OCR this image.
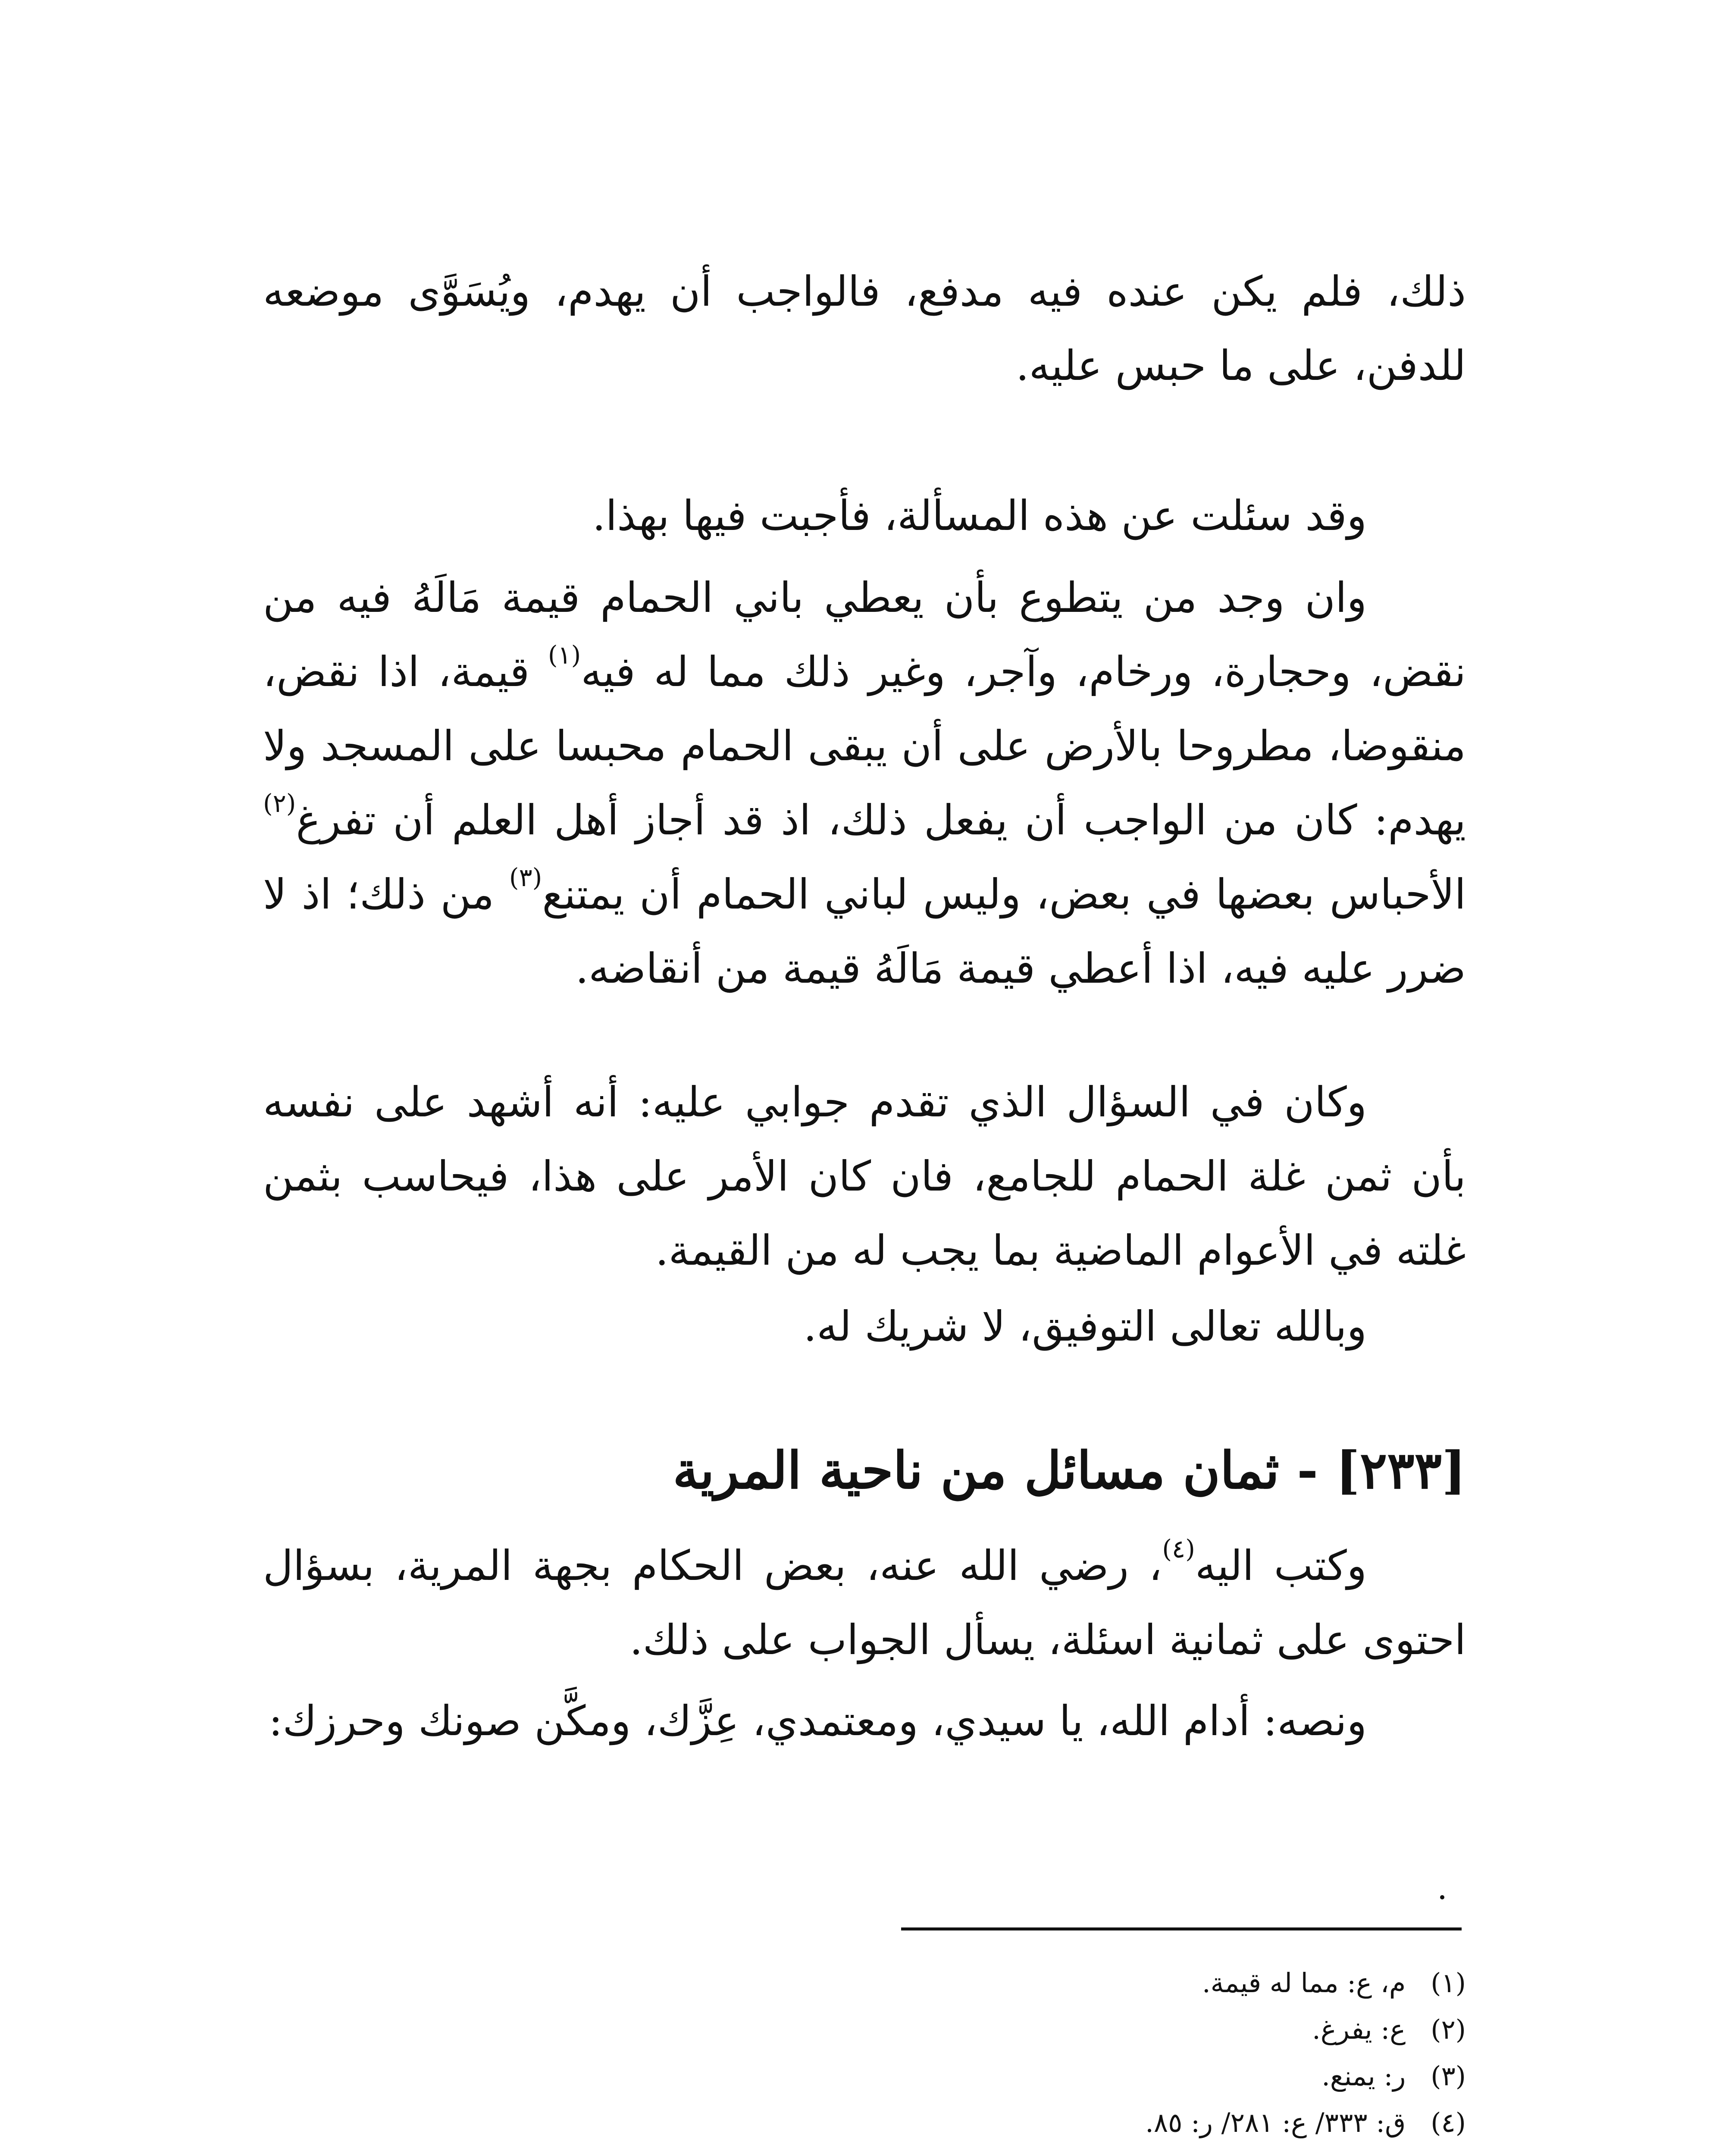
ذلك، فلم يكن عنده فيه مدفع، فالواجب أن يهدم، ويُسَوَّى موضعه للدفن، على ما حبس عليه.

وقد سئلت عن هذه المسألة، فأجبت فيها بهذا.

وان وجد من يتطوع بأن يعطي باني الحمام قيمة مَالَهُ فيه من نقض، وحجارة، ورخام، وآجر، وغير ذلك مما له فيه$^{(١)}$ قيمة، اذا نقض، منقوضا، مطروحا بالأرض على أن يبقى الحمام محبسا على المسجد ولا يهدم: كان من الواجب أن يفعل ذلك، اذ قد أجاز أهل العلم أن تفرغ$^{(٢)}$ الأحباس بعضها في بعض، وليس لباني الحمام أن يمتنع$^{(٣)}$ من ذلك؛ اذ لا ضرر عليه فيه، اذا أعطي قيمة مَالَهُ قيمة من أنقاضه.

وكان في السؤال الذي تقدم جوابي عليه: أنه أشهد على نفسه بأن ثمن غلة الحمام للجامع، فان كان الأمر على هذا، فيحاسب بثمن غلته في الأعوام الماضية بما يجب له من القيمة.

وبالله تعالى التوفيق، لا شريك له.

[٢٣٣] - ثمان مسائل من ناحية المرية

وكتب اليه$^{(٤)}$، رضي الله عنه، بعض الحكام بجهة المرية، بسؤال احتوى على ثمانية اسئلة، يسأل الجواب على ذلك.

ونصه: أدام الله، يا سيدي، ومعتمدي، عِزَّك، ومكَّن صونك وحرزك:

(١) م، ع: مما له قيمة.
(٢) ع: يفرغ.
(٣) ر: يمنع.
(٤) ق: ٣٣٣/ ع: ٢٨١/ ر: ٨٥.
